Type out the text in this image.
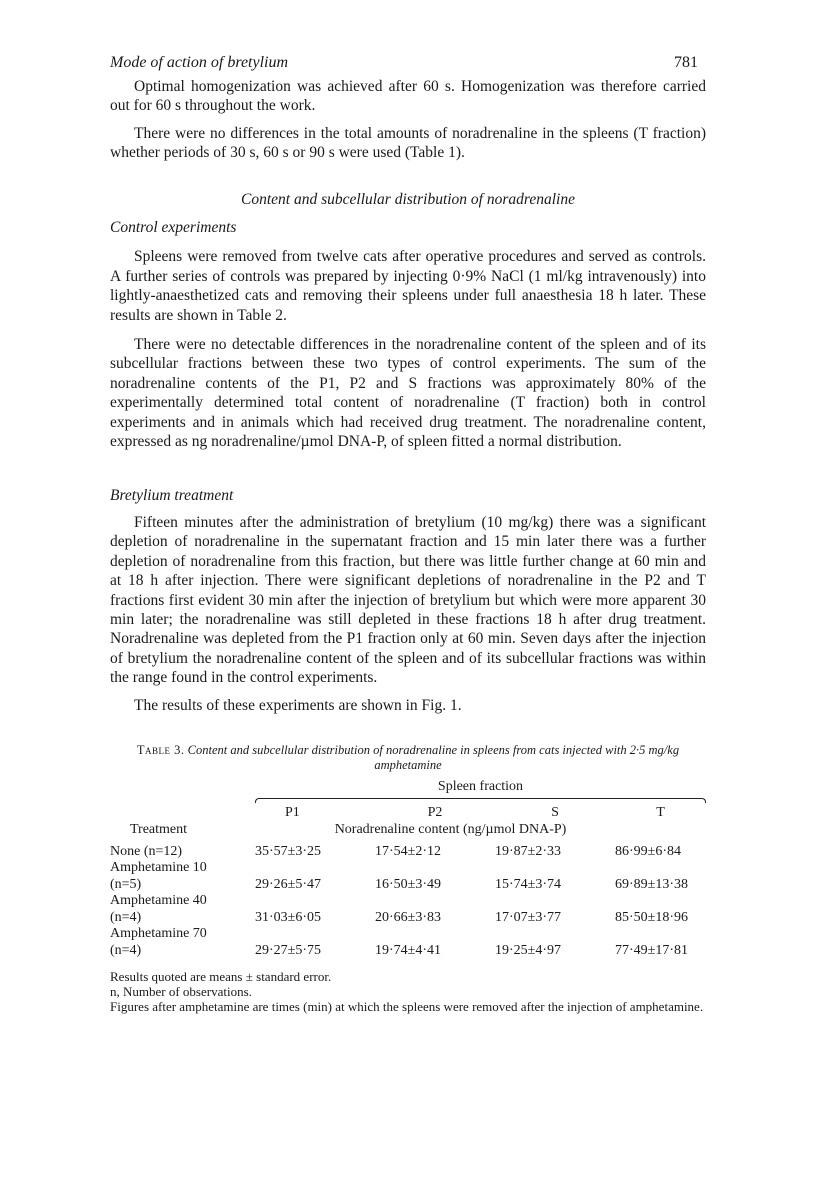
Mode of action of bretylium	781

Optimal homogenization was achieved after 60 s. Homogenization was therefore carried out for 60 s throughout the work.

There were no differences in the total amounts of noradrenaline in the spleens (T fraction) whether periods of 30 s, 60 s or 90 s were used (Table 1).

Content and subcellular distribution of noradrenaline
Control experiments

Spleens were removed from twelve cats after operative procedures and served as controls. A further series of controls was prepared by injecting 0·9% NaCl (1 ml/kg intravenously) into lightly-anaesthetized cats and removing their spleens under full anaesthesia 18 h later. These results are shown in Table 2.

There were no detectable differences in the noradrenaline content of the spleen and of its subcellular fractions between these two types of control experiments. The sum of the noradrenaline contents of the P1, P2 and S fractions was approximately 80% of the experimentally determined total content of noradrenaline (T fraction) both in control experiments and in animals which had received drug treatment. The noradrenaline content, expressed as ng noradrenaline/µmol DNA-P, of spleen fitted a normal distribution.

Bretylium treatment

Fifteen minutes after the administration of bretylium (10 mg/kg) there was a significant depletion of noradrenaline in the supernatant fraction and 15 min later there was a further depletion of noradrenaline from this fraction, but there was little further change at 60 min and at 18 h after injection. There were significant depletions of noradrenaline in the P2 and T fractions first evident 30 min after the injection of bretylium but which were more apparent 30 min later; the noradrenaline was still depleted in these fractions 18 h after drug treatment. Noradrenaline was depleted from the P1 fraction only at 60 min. Seven days after the injection of bretylium the noradrenaline content of the spleen and of its subcellular fractions was within the range found in the control experiments.

The results of these experiments are shown in Fig. 1.

Table 3. Content and subcellular distribution of noradrenaline in spleens from cats injected with 2·5 mg/kg amphetamine
	Spleen fraction			

	P1	P2	S	T
Treatment	Noradrenaline content (ng/µmol DNA-P)			
None (n=12)	35·57±3·25	17·54±2·12	19·87±2·33	86·99±6·84
Amphetamine 10
(n=5)	29·26±5·47	16·50±3·49	15·74±3·74	69·89±13·38
Amphetamine 40
(n=4)	31·03±6·05	20·66±3·83	17·07±3·77	85·50±18·96
Amphetamine 70
(n=4)	29·27±5·75	19·74±4·41	19·25±4·97	77·49±17·81
Results quoted are means ± standard error.
n, Number of observations.
Figures after amphetamine are times (min) at which the spleens were removed after the injection of amphetamine.
